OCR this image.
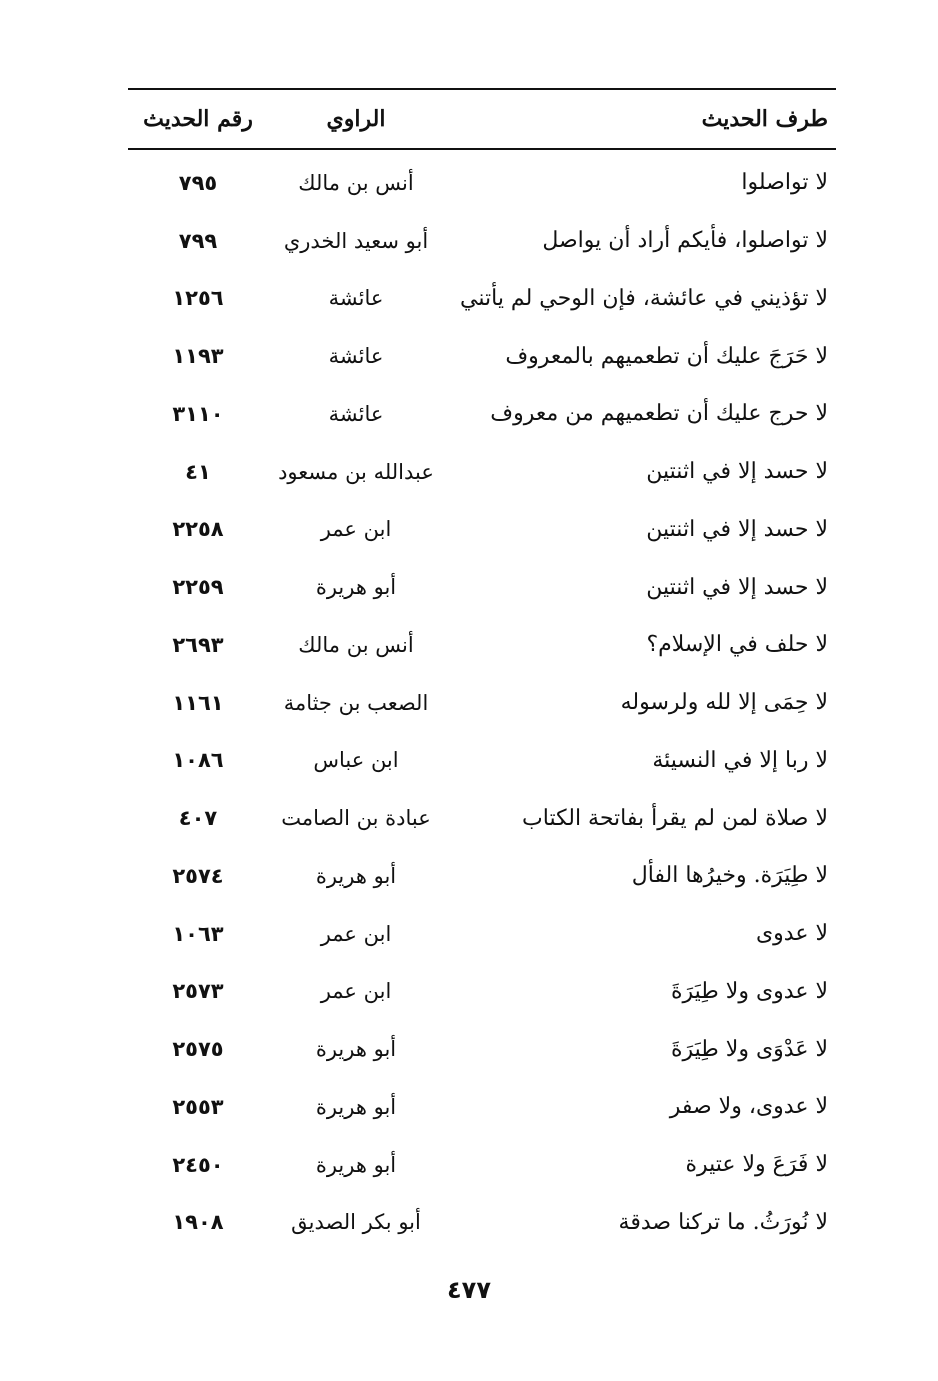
طرف الحديث
الراوي
رقم الحديث
لا تواصلوا
أنس بن مالك
٧٩٥
لا تواصلوا، فأيكم أراد أن يواصل
أبو سعيد الخدري
٧٩٩
لا تؤذيني في عائشة، فإن الوحي لم يأتني
عائشة
١٢٥٦
لا حَرَجَ عليك أن تطعميهم بالمعروف
عائشة
١١٩٣
لا حرج عليك أن تطعميهم من معروف
عائشة
٣١١٠
لا حسد إلا في اثنتين
عبدالله بن مسعود
٤١
لا حسد إلا في اثنتين
ابن عمر
٢٢٥٨
لا حسد إلا في اثنتين
أبو هريرة
٢٢٥٩
لا حلف في الإسلام؟
أنس بن مالك
٢٦٩٣
لا حِمَى إلا لله ولرسوله
الصعب بن جثامة
١١٦١
لا ربا إلا في النسيئة
ابن عباس
١٠٨٦
لا صلاة لمن لم يقرأ بفاتحة الكتاب
عبادة بن الصامت
٤٠٧
لا طِيَرَة. وخيرُها الفأل
أبو هريرة
٢٥٧٤
لا عدوى
ابن عمر
١٠٦٣
لا عدوى ولا طِيَرَةَ
ابن عمر
٢٥٧٣
لا عَدْوَى ولا طِيَرَةَ
أبو هريرة
٢٥٧٥
لا عدوى، ولا صفر
أبو هريرة
٢٥٥٣
لا فَرَعَ ولا عتيرة
أبو هريرة
٢٤٥٠
لا نُورَثُ. ما تركنا صدقة
أبو بكر الصديق
١٩٠٨
٤٧٧
